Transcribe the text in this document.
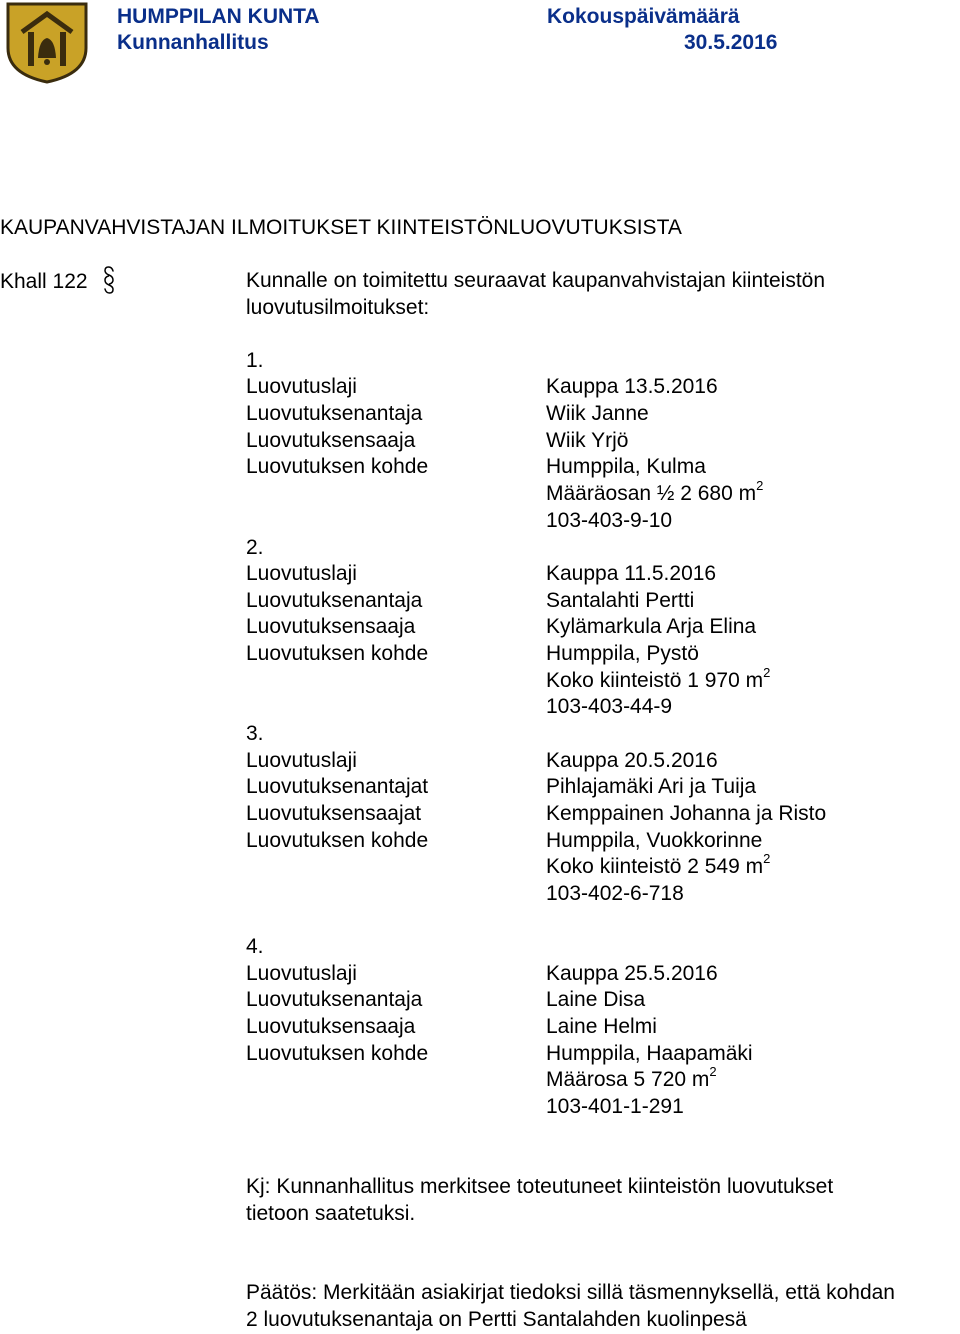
HUMPPILAN KUNTA
Kunnanhallitus
Kokouspäivämäärä
30.5.2016
KAUPANVAHVISTAJAN ILMOITUKSET KIINTEISTÖNLUOVUTUKSISTA
Khall 122	Kunnalle on toimitettu seuraavat kaupanvahvistajan kiinteistön
luovutusilmoitukset:
1.
Luovutuslaji
Luovutuksenantaja
Luovutuksensaaja
Luovutuksen kohde
Kauppa 13.5.2016
Wiik Janne
Wiik Yrjö
Humppila, Kulma
Määräosan ½ 2 680 $m^2$
103-403-9-10
2.
Luovutuslaji
Luovutuksenantaja
Luovutuksensaaja
Luovutuksen kohde
Kauppa 11.5.2016
Santalahti Pertti
Kylämarkula Arja Elina
Humppila, Pystö
Koko kiinteistö 1 970 $m^2$
103-403-44-9
3.
Luovutuslaji
Luovutuksenantajat
Luovutuksensaajat
Luovutuksen kohde
Kauppa 20.5.2016
Pihlajamäki Ari ja Tuija
Kemppainen Johanna ja Risto
Humppila, Vuokkorinne
Koko kiinteistö 2 549 $m^2$
103-402-6-718
4.
Luovutuslaji
Luovutuksenantaja
Luovutuksensaaja
Luovutuksen kohde
Kauppa 25.5.2016
Laine Disa
Laine Helmi
Humppila, Haapamäki
Määrosa 5 720 $m^2$
103-401-1-291
Kj: Kunnanhallitus merkitsee toteutuneet kiinteistön luovutukset
tietoon saatetuksi.
Päätös: Merkitään asiakirjat tiedoksi sillä täsmennyksellä, että kohdan
2 luovutuksenantaja on Pertti Santalahden kuolinpesä
